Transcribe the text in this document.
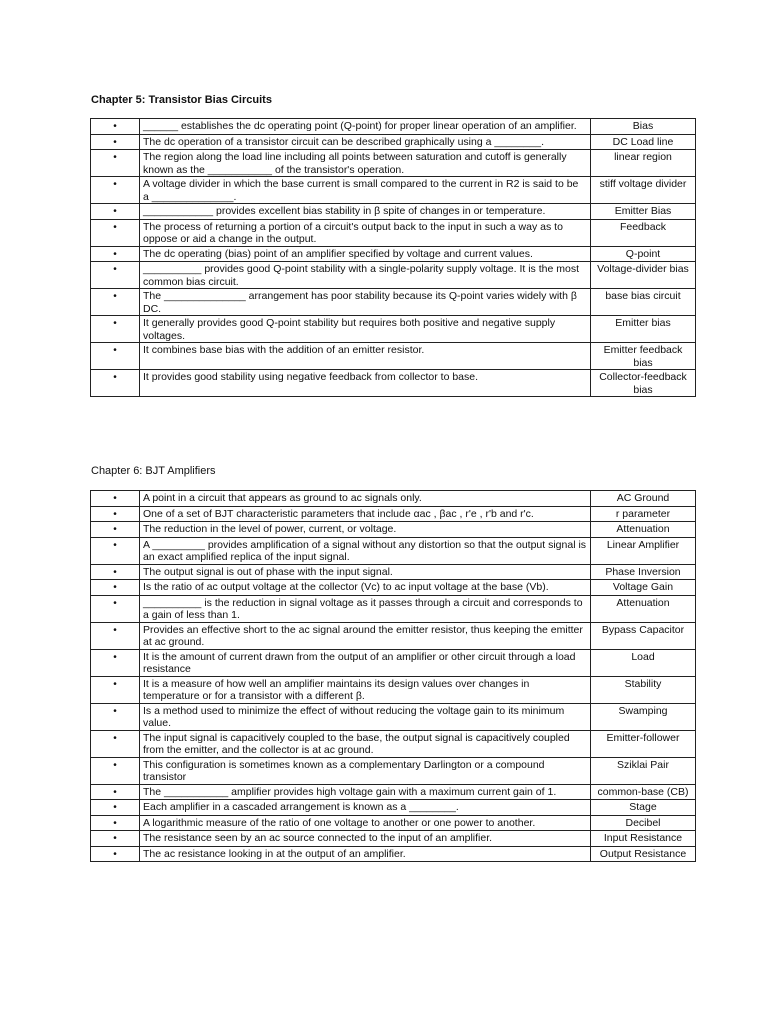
Chapter 5: Transistor Bias Circuits
•	______ establishes the dc operating point (Q-point) for proper linear operation of an amplifier.	Bias
•	The dc operation of a transistor circuit can be described graphically using a ________.	DC Load line
•	The region along the load line including all points between saturation and cutoff is generally known as the ___________ of the transistor's operation.	linear region
•	A voltage divider in which the base current is small compared to the current in R2 is said to be a ______________.	stiff voltage divider
•	____________ provides excellent bias stability in β spite of changes in or temperature.	Emitter Bias
•	The process of returning a portion of a circuit's output back to the input in such a way as to oppose or aid a change in the output.	Feedback
•	The dc operating (bias) point of an amplifier specified by voltage and current values.	Q-point
•	__________ provides good Q-point stability with a single-polarity supply voltage. It is the most common bias circuit.	Voltage-divider bias
•	The ______________ arrangement has poor stability because its Q-point varies widely with β DC.	base bias circuit
•	It generally provides good Q-point stability but requires both positive and negative supply voltages.	Emitter bias
•	It combines base bias with the addition of an emitter resistor.	Emitter feedback bias
•	It provides good stability using negative feedback from collector to base.	Collector-feedback bias
Chapter 6: BJT Amplifiers
•	A point in a circuit that appears as ground to ac signals only.	AC Ground
•	One of a set of BJT characteristic parameters that include αac , βac , r'e , r'b and r'c.	r parameter
•	The reduction in the level of power, current, or voltage.	Attenuation
•	A _________ provides amplification of a signal without any distortion so that the output signal is an exact amplified replica of the input signal.	Linear Amplifier
•	The output signal is out of phase with the input signal.	Phase Inversion
•	Is the ratio of ac output voltage at the collector (Vc) to ac input voltage at the base (Vb).	Voltage Gain
•	__________ is the reduction in signal voltage as it passes through a circuit and corresponds to a gain of less than 1.	Attenuation
•	Provides an effective short to the ac signal around the emitter resistor, thus keeping the emitter at ac ground.	Bypass Capacitor
•	It is the amount of current drawn from the output of an amplifier or other circuit through a load resistance	Load
•	It is a measure of how well an amplifier maintains its design values over changes in temperature or for a transistor with a different β.	Stability
•	Is a method used to minimize the effect of without reducing the voltage gain to its minimum value.	Swamping
•	The input signal is capacitively coupled to the base, the output signal is capacitively coupled from the emitter, and the collector is at ac ground.	Emitter-follower
•	This configuration is sometimes known as a complementary Darlington or a compound transistor	Sziklai Pair
•	The ___________ amplifier provides high voltage gain with a maximum current gain of 1.	common-base (CB)
•	Each amplifier in a cascaded arrangement is known as a ________.	Stage
•	A logarithmic measure of the ratio of one voltage to another or one power to another.	Decibel
•	The resistance seen by an ac source connected to the input of an amplifier.	Input Resistance
•	The ac resistance looking in at the output of an amplifier.	Output Resistance
